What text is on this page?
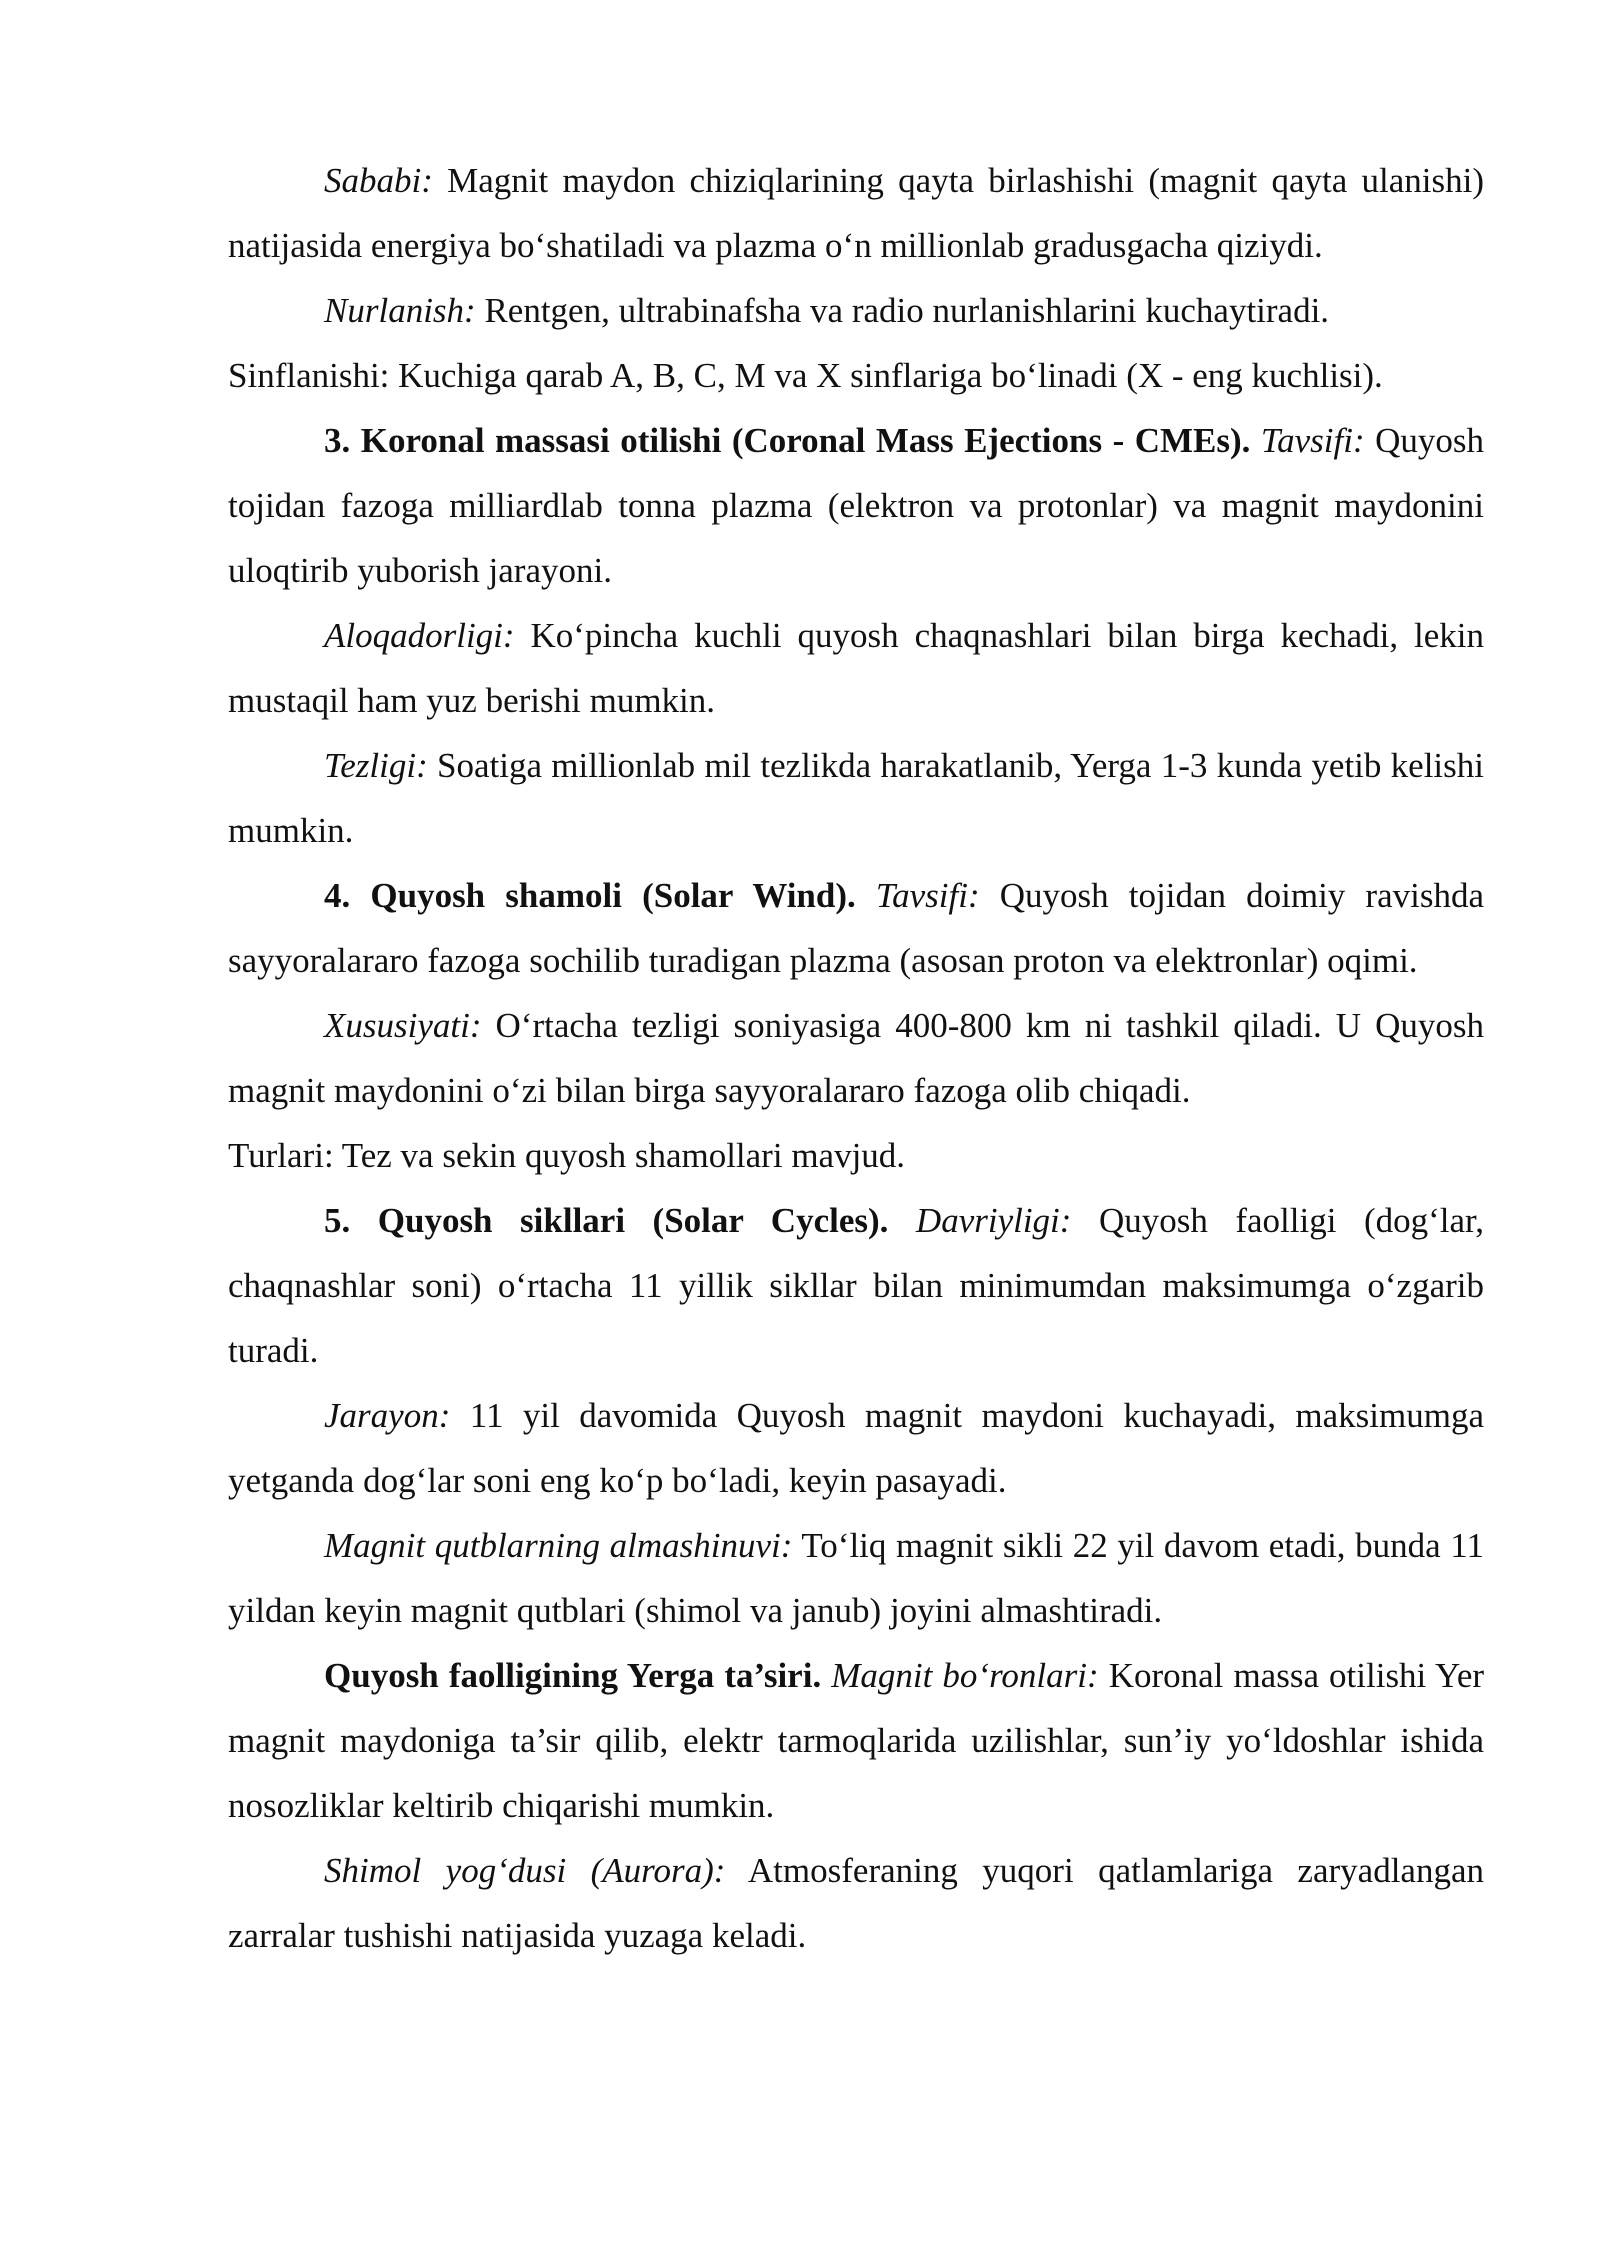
Sababi: Magnit maydon chiziqlarining qayta birlashishi (magnit qayta ulanishi) natijasida energiya bo‘shatiladi va plazma o‘n millionlab gradusgacha qiziydi.

Nurlanish: Rentgen, ultrabinafsha va radio nurlanishlarini kuchaytiradi.

Sinflanishi: Kuchiga qarab A, B, C, M va X sinflariga bo‘linadi (X - eng kuchlisi).

3. Koronal massasi otilishi (Coronal Mass Ejections - CMEs). Tavsifi: Quyosh tojidan fazoga milliardlab tonna plazma (elektron va protonlar) va magnit maydonini uloqtirib yuborish jarayoni.

Aloqadorligi: Ko‘pincha kuchli quyosh chaqnashlari bilan birga kechadi, lekin mustaqil ham yuz berishi mumkin.

Tezligi: Soatiga millionlab mil tezlikda harakatlanib, Yerga 1-3 kunda yetib kelishi mumkin.

4. Quyosh shamoli (Solar Wind). Tavsifi: Quyosh tojidan doimiy ravishda sayyoralararo fazoga sochilib turadigan plazma (asosan proton va elektronlar) oqimi.

Xususiyati: O‘rtacha tezligi soniyasiga 400-800 km ni tashkil qiladi. U Quyosh magnit maydonini o‘zi bilan birga sayyoralararo fazoga olib chiqadi.

Turlari: Tez va sekin quyosh shamollari mavjud.

5. Quyosh sikllari (Solar Cycles). Davriyligi: Quyosh faolligi (dog‘lar, chaqnashlar soni) o‘rtacha 11 yillik sikllar bilan minimumdan maksimumga o‘zgarib turadi.

Jarayon: 11 yil davomida Quyosh magnit maydoni kuchayadi, maksimumga yetganda dog‘lar soni eng ko‘p bo‘ladi, keyin pasayadi.

Magnit qutblarning almashinuvi: To‘liq magnit sikli 22 yil davom etadi, bunda 11 yildan keyin magnit qutblari (shimol va janub) joyini almashtiradi.

Quyosh faolligining Yerga ta’siri. Magnit bo‘ronlari: Koronal massa otilishi Yer magnit maydoniga ta’sir qilib, elektr tarmoqlarida uzilishlar, sun’iy yo‘ldoshlar ishida nosozliklar keltirib chiqarishi mumkin.

Shimol yog‘dusi (Aurora): Atmosferaning yuqori qatlamlariga zaryadlangan zarralar tushishi natijasida yuzaga keladi.
